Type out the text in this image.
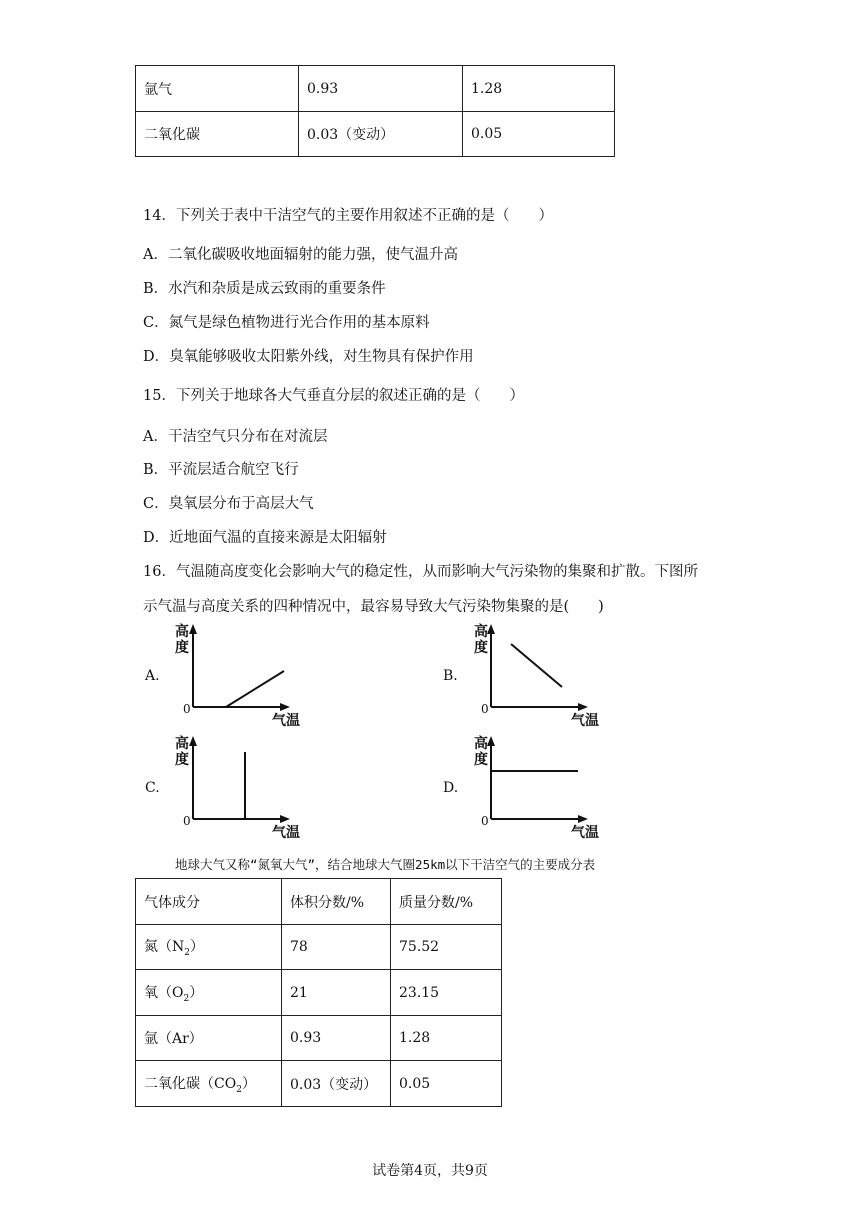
氩气	0.93	1.28
二氧化碳	0.03（变动）	0.05
14．下列关于表中干洁空气的主要作用叙述不正确的是（　　）
A．二氧化碳吸收地面辐射的能力强，使气温升高
B．水汽和杂质是成云致雨的重要条件
C．氮气是绿色植物进行光合作用的基本原料
D．臭氧能够吸收太阳紫外线，对生物具有保护作用
15．下列关于地球各大气垂直分层的叙述正确的是（　　）
A．干洁空气只分布在对流层
B．平流层适合航空飞行
C．臭氧层分布于高层大气
D．近地面气温的直接来源是太阳辐射
16．气温随高度变化会影响大气的稳定性，从而影响大气污染物的集聚和扩散。下图所
示气温与高度关系的四种情况中，最容易导致大气污染物集聚的是(　　)
A.
高度
0
气温
B.
高度
0
气温
C.
高度
0
气温
D.
高度
0
气温
地球大气又称“氮氧大气”，结合地球大气圈25km以下干洁空气的主要成分表
气体成分	体积分数/%	质量分数/%
氮$(N_2)$	78	75.52
氧$(O_2)$	21	23.15
氩（Ar）	0.93	1.28
二氧化碳$(CO_2)$	0.03（变动）	0.05
试卷第4页，共9页
